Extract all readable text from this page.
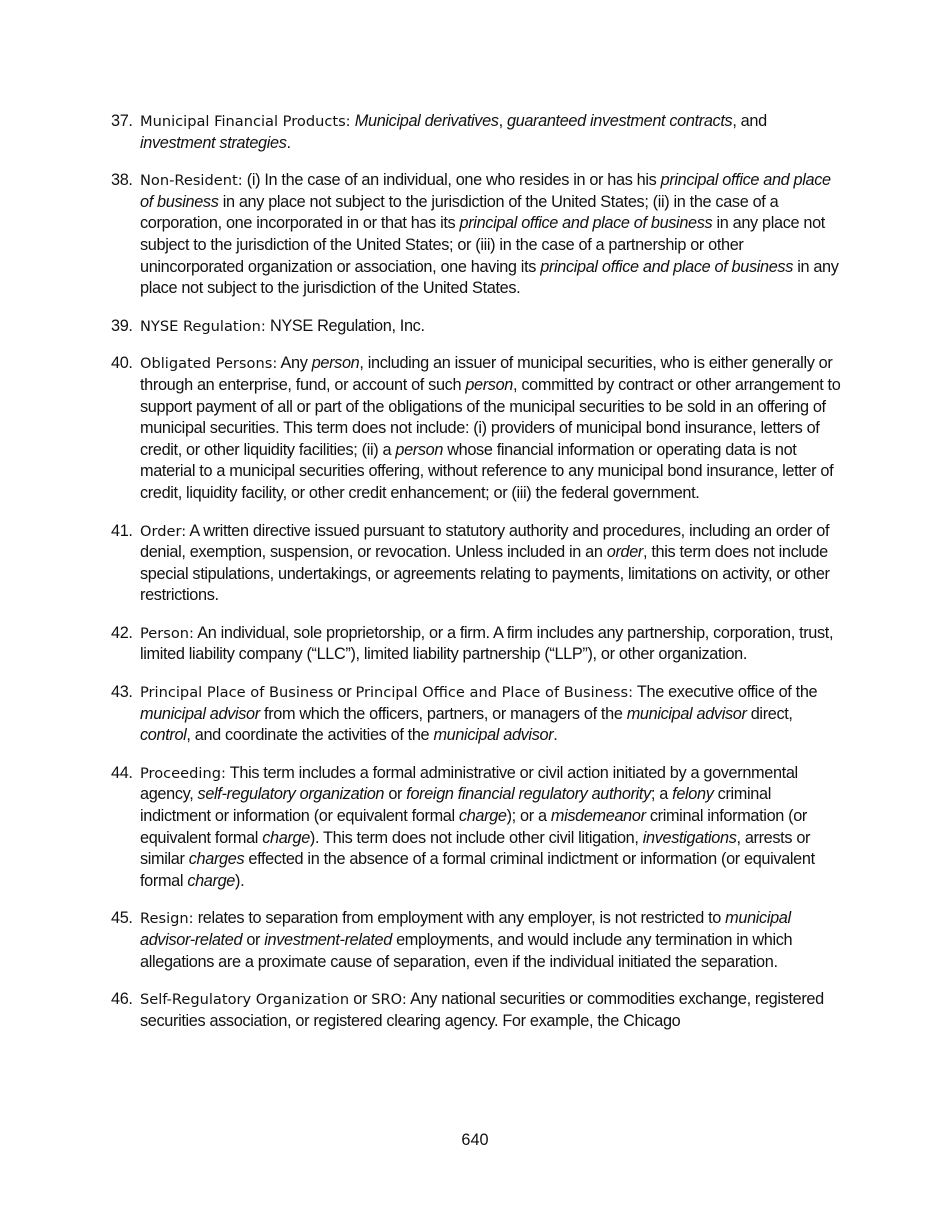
37. Municipal Financial Products: Municipal derivatives, guaranteed investment contracts, and investment strategies.
38. Non-Resident: (i) In the case of an individual, one who resides in or has his principal office and place of business in any place not subject to the jurisdiction of the United States; (ii) in the case of a corporation, one incorporated in or that has its principal office and place of business in any place not subject to the jurisdiction of the United States; or (iii) in the case of a partnership or other unincorporated organization or association, one having its principal office and place of business in any place not subject to the jurisdiction of the United States.
39. NYSE Regulation: NYSE Regulation, Inc.
40. Obligated Persons: Any person, including an issuer of municipal securities, who is either generally or through an enterprise, fund, or account of such person, committed by contract or other arrangement to support payment of all or part of the obligations of the municipal securities to be sold in an offering of municipal securities. This term does not include: (i) providers of municipal bond insurance, letters of credit, or other liquidity facilities; (ii) a person whose financial information or operating data is not material to a municipal securities offering, without reference to any municipal bond insurance, letter of credit, liquidity facility, or other credit enhancement; or (iii) the federal government.
41. Order: A written directive issued pursuant to statutory authority and procedures, including an order of denial, exemption, suspension, or revocation. Unless included in an order, this term does not include special stipulations, undertakings, or agreements relating to payments, limitations on activity, or other restrictions.
42. Person: An individual, sole proprietorship, or a firm. A firm includes any partnership, corporation, trust, limited liability company (“LLC”), limited liability partnership (“LLP”), or other organization.
43. Principal Place of Business or Principal Office and Place of Business: The executive office of the municipal advisor from which the officers, partners, or managers of the municipal advisor direct, control, and coordinate the activities of the municipal advisor.
44. Proceeding: This term includes a formal administrative or civil action initiated by a governmental agency, self-regulatory organization or foreign financial regulatory authority; a felony criminal indictment or information (or equivalent formal charge); or a misdemeanor criminal information (or equivalent formal charge). This term does not include other civil litigation, investigations, arrests or similar charges effected in the absence of a formal criminal indictment or information (or equivalent formal charge).
45. Resign: relates to separation from employment with any employer, is not restricted to municipal advisor-related or investment-related employments, and would include any termination in which allegations are a proximate cause of separation, even if the individual initiated the separation.
46. Self-Regulatory Organization or SRO: Any national securities or commodities exchange, registered securities association, or registered clearing agency. For example, the Chicago
640
